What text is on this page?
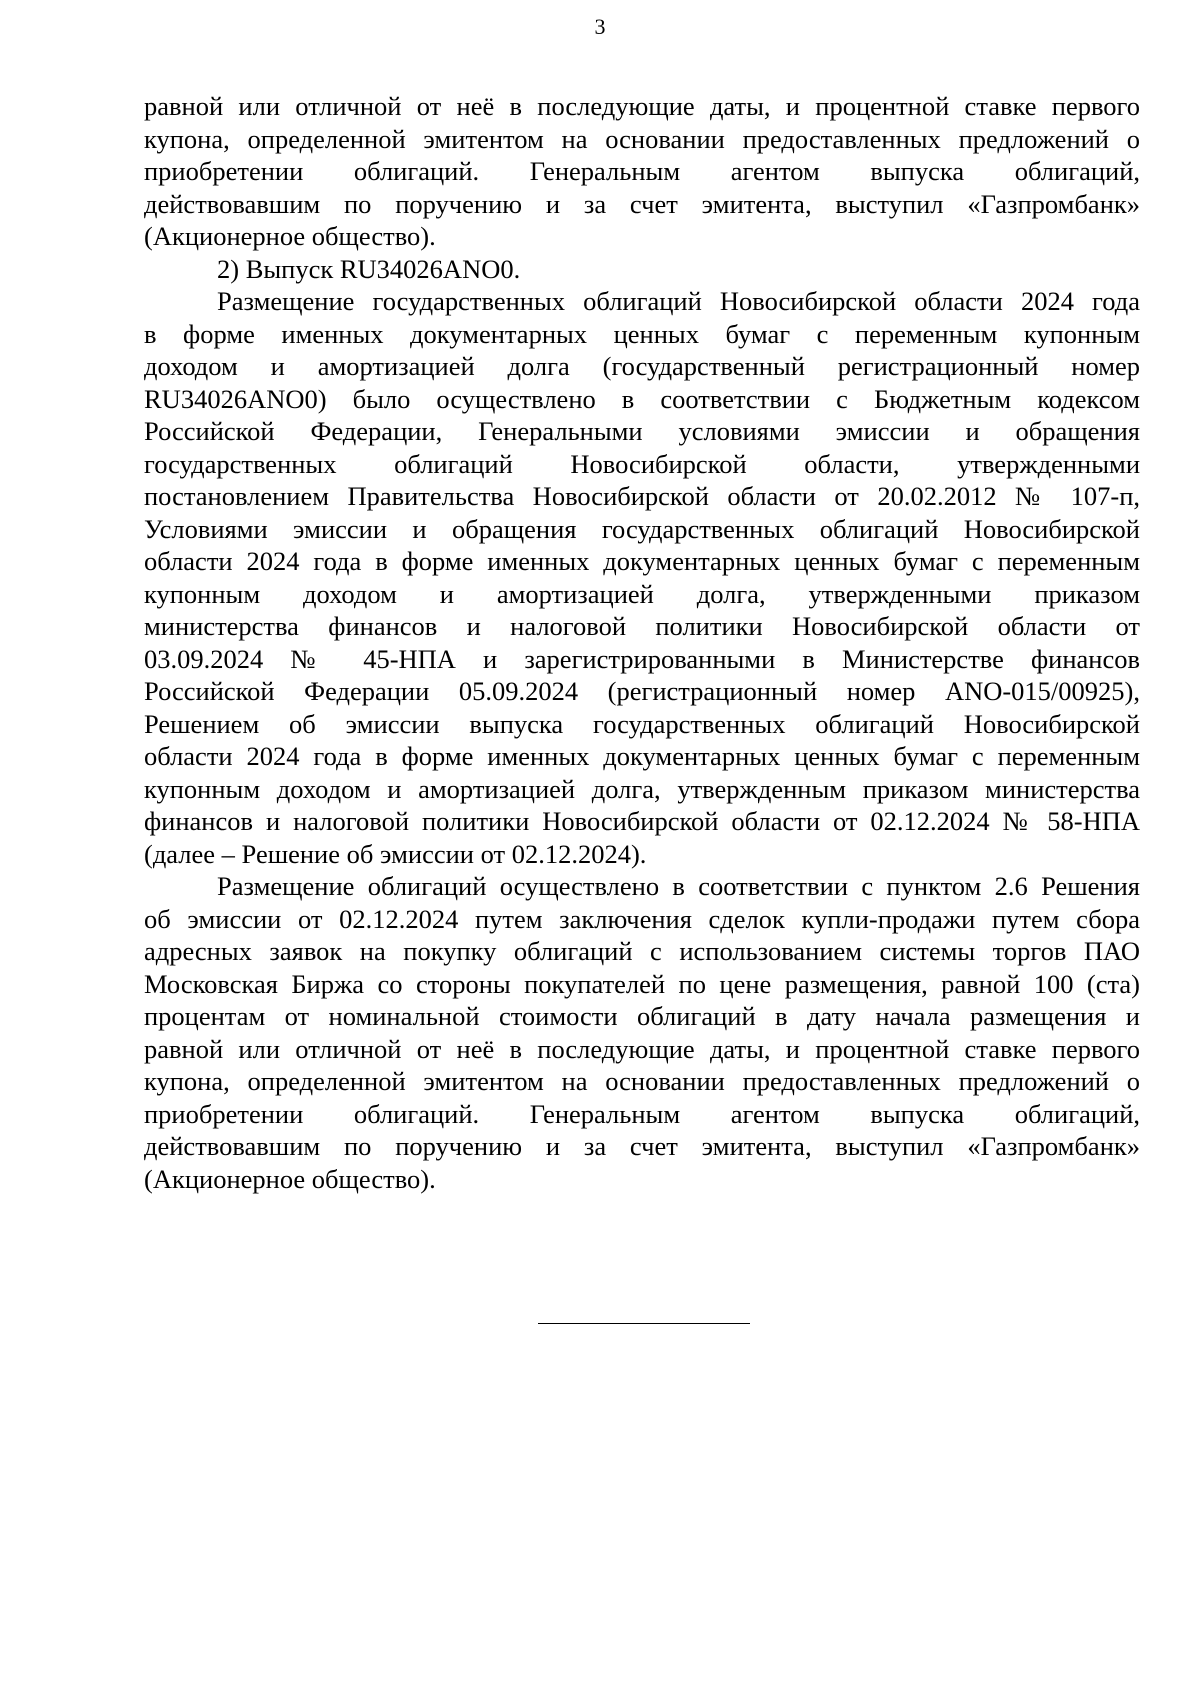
3
равной или отличной от неё в последующие даты, и процентной ставке первого
купона, определенной эмитентом на основании предоставленных предложений о
приобретении облигаций. Генеральным агентом выпуска облигаций,
действовавшим по поручению и за счет эмитента, выступил «Газпромбанк»
(Акционерное общество).
2) Выпуск RU34026ANO0.
Размещение государственных облигаций Новосибирской области 2024 года
в форме именных документарных ценных бумаг с переменным купонным
доходом и амортизацией долга (государственный регистрационный номер
RU34026ANO0) было осуществлено в соответствии с Бюджетным кодексом
Российской Федерации, Генеральными условиями эмиссии и обращения
государственных облигаций Новосибирской области, утвержденными
постановлением Правительства Новосибирской области от 20.02.2012 № 107-п,
Условиями эмиссии и обращения государственных облигаций Новосибирской
области 2024 года в форме именных документарных ценных бумаг с переменным
купонным доходом и амортизацией долга, утвержденными приказом
министерства финансов и налоговой политики Новосибирской области от
03.09.2024 № 45-НПА и зарегистрированными в Министерстве финансов
Российской Федерации 05.09.2024 (регистрационный номер ANO-015/00925),
Решением об эмиссии выпуска государственных облигаций Новосибирской
области 2024 года в форме именных документарных ценных бумаг с переменным
купонным доходом и амортизацией долга, утвержденным приказом министерства
финансов и налоговой политики Новосибирской области от 02.12.2024 № 58-НПА
(далее – Решение об эмиссии от 02.12.2024).
Размещение облигаций осуществлено в соответствии с пунктом 2.6 Решения
об эмиссии от 02.12.2024 путем заключения сделок купли-продажи путем сбора
адресных заявок на покупку облигаций с использованием системы торгов ПАО
Московская Биржа со стороны покупателей по цене размещения, равной 100 (ста)
процентам от номинальной стоимости облигаций в дату начала размещения и
равной или отличной от неё в последующие даты, и процентной ставке первого
купона, определенной эмитентом на основании предоставленных предложений о
приобретении облигаций. Генеральным агентом выпуска облигаций,
действовавшим по поручению и за счет эмитента, выступил «Газпромбанк»
(Акционерное общество).
